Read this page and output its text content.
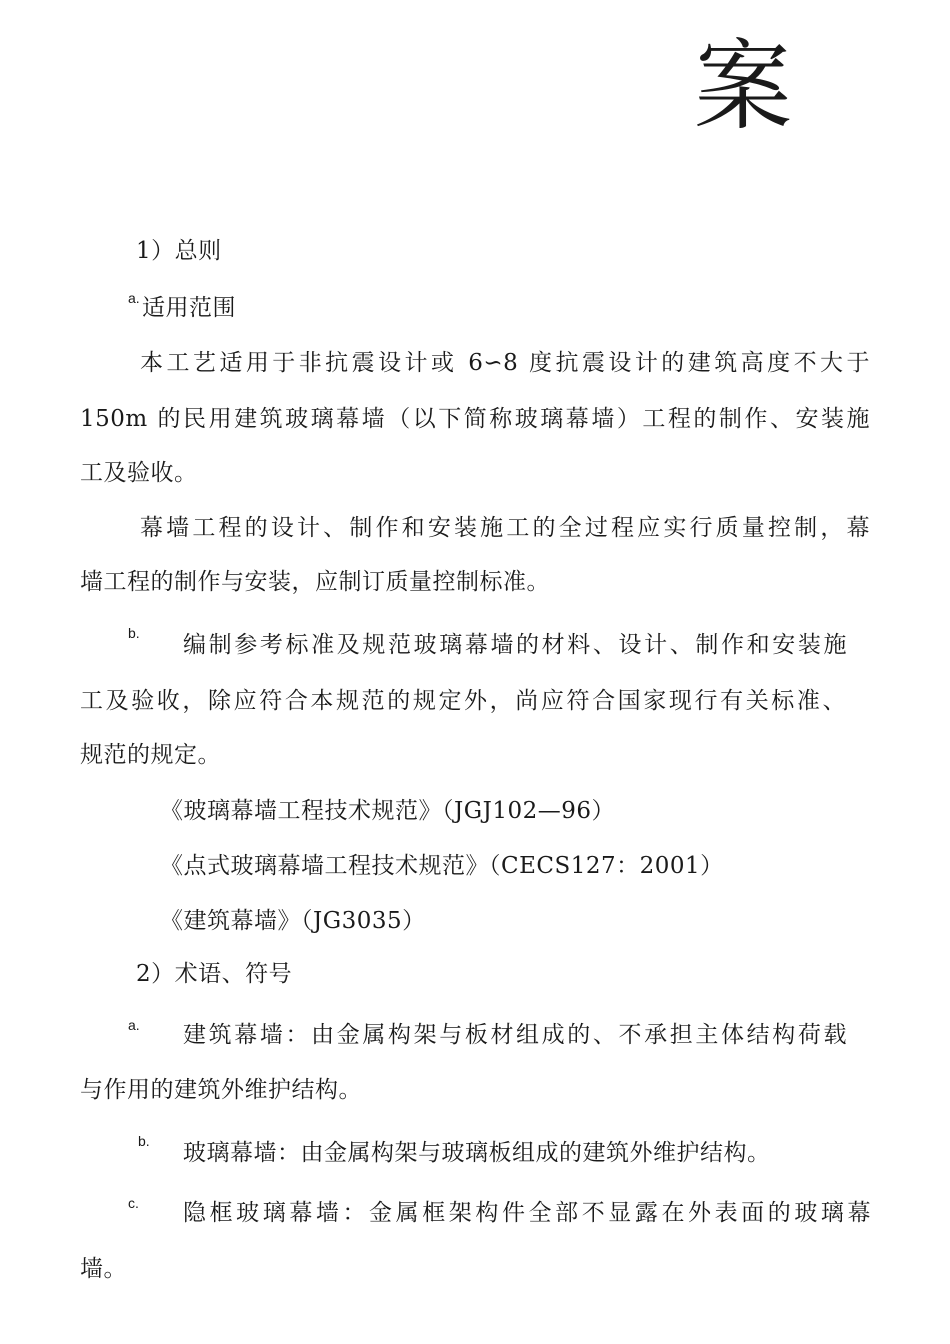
案
1）总则
a. 适用范围
本工艺适用于非抗震设计或 6∽8 度抗震设计的建筑高度不大于
150m 的民用建筑玻璃幕墙（以下简称玻璃幕墙）工程的制作、安装施
工及验收。
幕墙工程的设计、制作和安装施工的全过程应实行质量控制，幕
墙工程的制作与安装，应制订质量控制标准。
b. 编制参考标准及规范玻璃幕墙的材料、设计、制作和安装施
工及验收，除应符合本规范的规定外，尚应符合国家现行有关标准、
规范的规定。
《玻璃幕墙工程技术规范》（JGJ102—96）
《点式玻璃幕墙工程技术规范》（CECS127：2001）
《建筑幕墙》（JG3035）
2）术语、符号
a. 建筑幕墙：由金属构架与板材组成的、不承担主体结构荷载
与作用的建筑外维护结构。
b. 玻璃幕墙：由金属构架与玻璃板组成的建筑外维护结构。
c. 隐框玻璃幕墙：金属框架构件全部不显露在外表面的玻璃幕
墙。
